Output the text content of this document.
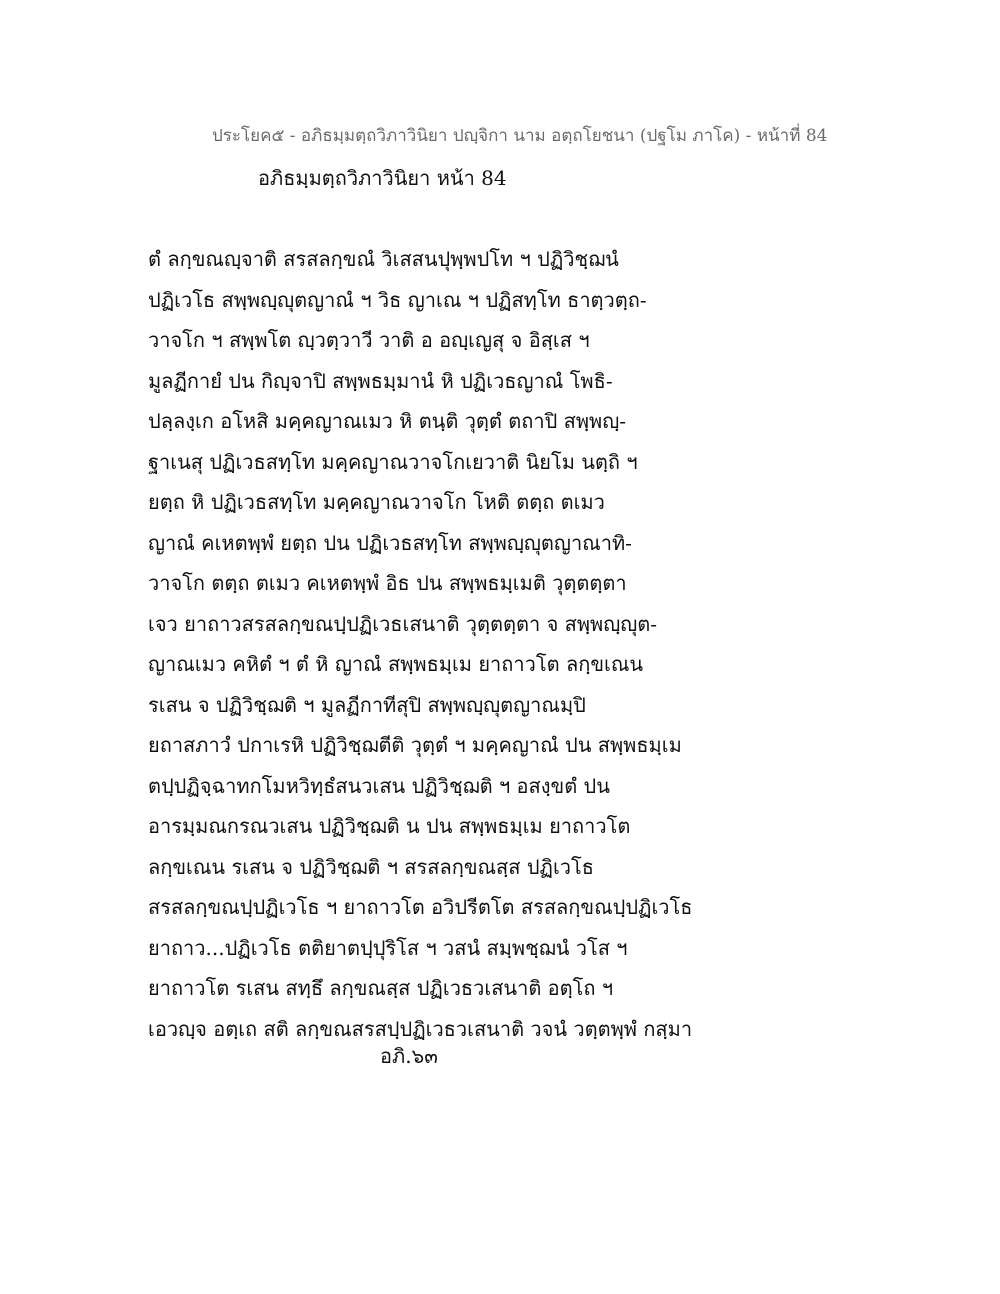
ประโยค๕ - อภิธมฺมตฺถวิภาวินิยา ปญฺจิกา นาม อตฺถโยชนา (ปฐโม ภาโค) - หน้าที่ 84
อภิธมฺมตฺถวิภาวินิยา หน้า 84
ตํ ลกฺขณญฺจาติ สรสลกฺขณํ วิเสสนปุพฺพปโท ฯ ปฏิวิชฺฌนํ
ปฏิเวโธ สพฺพญฺญุตญาณํ ฯ วิธ ญาเณ ฯ ปฏิสทฺโท ธาตฺวตฺถ-
วาจโก ฯ สพฺพโต ญฺวตฺวาวี วาติ อ อญฺเญสุ จ อิสฺเส ฯ
มูลฏีกายํ ปน กิญฺจาปิ สพฺพธมฺมานํ หิ ปฏิเวธญาณํ โพธิ-
ปลฺลงฺเก อโหสิ มคฺคญาณเมว หิ ตนฺติ วุตฺตํ ตถาปิ สพฺพญฺ-
ฐาเนสุ ปฏิเวธสทฺโท มคฺคญาณวาจโกเยวาติ นิยโม นตฺถิ ฯ
ยตฺถ หิ ปฏิเวธสทฺโท มคฺคญาณวาจโก โหติ ตตฺถ ตเมว
ญาณํ คเหตพฺพํ ยตฺถ ปน ปฏิเวธสทฺโท สพฺพญฺญุตญาณาทิ-
วาจโก ตตฺถ ตเมว คเหตพฺพํ อิธ ปน สพฺพธมฺเมติ วุตฺตตฺตา
เจว ยาถาวสรสลกฺขณปฺปฏิเวธเสนาติ วุตฺตตฺตา จ สพฺพญฺญุต-
ญาณเมว คหิตํ ฯ ตํ หิ ญาณํ สพฺพธมฺเม ยาถาวโต ลกฺขเณน
รเสน จ ปฏิวิชฺฌติ ฯ มูลฏีกาทีสุปิ สพฺพญฺญุตญาณมฺปิ
ยถาสภาวํ ปกาเรหิ ปฏิวิชฺฌตีติ วุตฺตํ ฯ มคฺคญาณํ ปน สพฺพธมฺเม
ตปฺปฏิจฺฉาทกโมหวิทฺธํสนวเสน ปฏิวิชฺฌติ ฯ อสงฺขตํ ปน
อารมฺมณกรณวเสน ปฏิวิชฺฌติ น ปน สพฺพธมฺเม ยาถาวโต
ลกฺขเณน รเสน จ ปฏิวิชฺฌติ ฯ สรสลกฺขณสฺส ปฏิเวโธ
สรสลกฺขณปฺปฏิเวโธ ฯ ยาถาวโต อวิปรีตโต สรสลกฺขณปฺปฏิเวโธ
ยาถาว...ปฏิเวโธ ตติยาตปฺปุริโส ฯ วสนํ สมฺพชฺฌนํ วโส ฯ
ยาถาวโต รเสน สทฺธึ ลกฺขณสฺส ปฏิเวธวเสนาติ อตฺโถ ฯ
เอวญฺจ อตฺเถ สติ ลกฺขณสรสปฺปฏิเวธวเสนาติ วจนํ วตฺตพฺพํ กสฺมา
อภิ.๖๓
